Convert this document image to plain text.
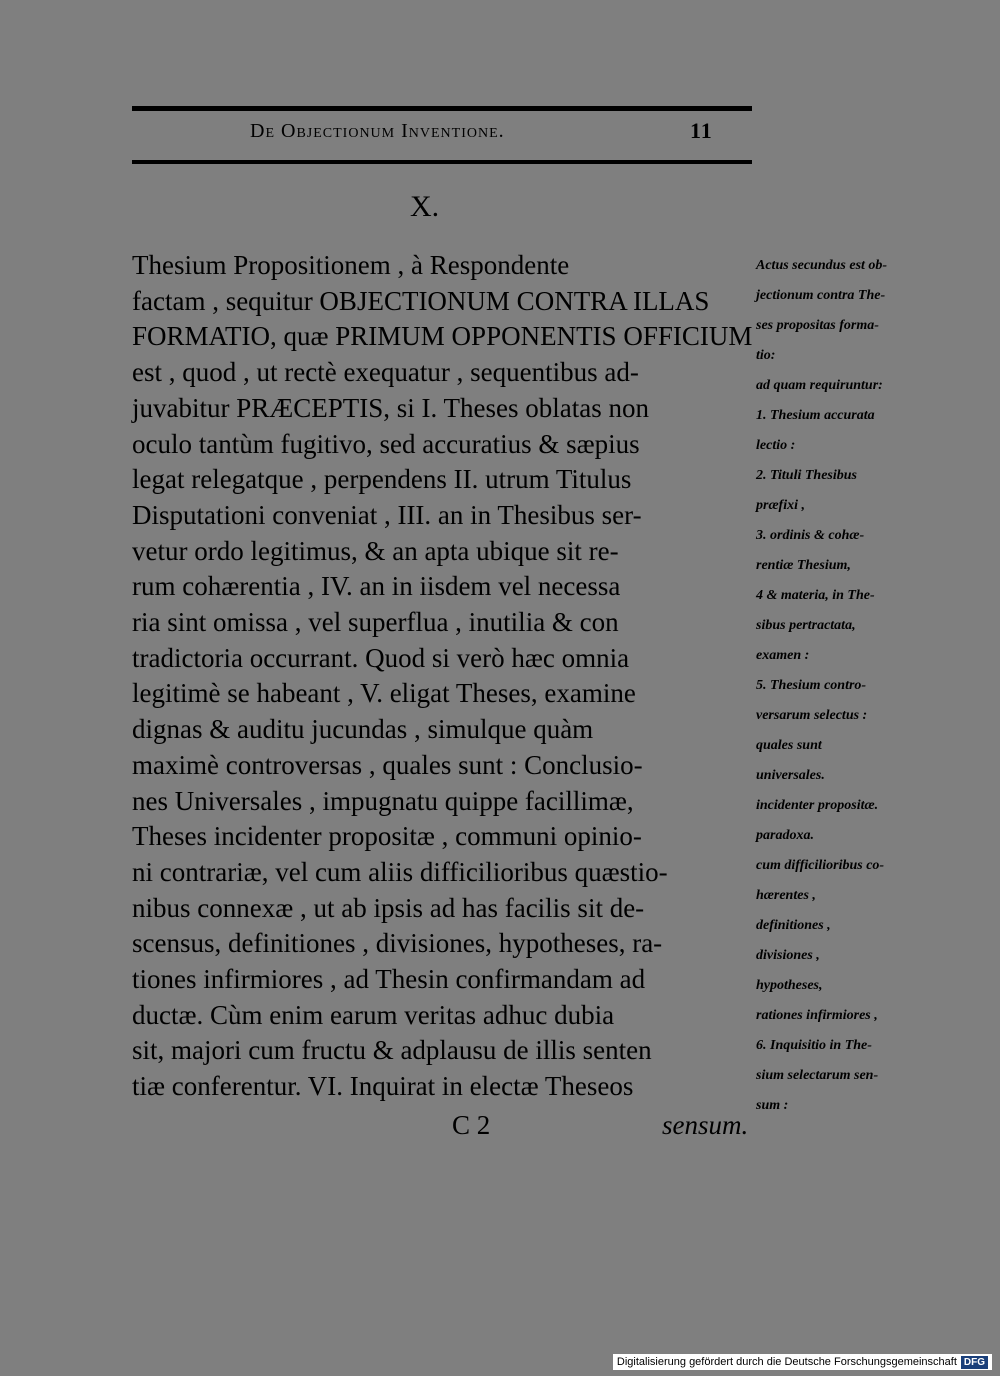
De Objectionum Inventione.	11
X.
Thesium Propositionem , à Respondente
factam , sequitur OBJECTIONUM CONTRA ILLAS
FORMATIO, quæ PRIMUM OPPONENTIS OFFICIUM
est , quod , ut rectè exequatur , sequentibus ad-
juvabitur PRÆCEPTIS, si I. Theses oblatas non
oculo tantùm fugitivo, sed accuratius & sæpius
legat relegatque , perpendens II. utrum Titulus
Disputationi conveniat , III. an in Thesibus ser-
vetur ordo legitimus, & an apta ubique sit re-
rum cohærentia , IV. an in iisdem vel necessa
ria sint omissa , vel superflua , inutilia & con
tradictoria occurrant. Quod si verò hæc omnia
legitimè se habeant , V. eligat Theses, examine
dignas & auditu jucundas , simulque quàm
maximè controversas , quales sunt : Conclusio-
nes Universales , impugnatu quippe facillimæ,
Theses incidenter propositæ , communi opinio-
ni contrariæ, vel cum aliis difficilioribus quæstio-
nibus connexæ , ut ab ipsis ad has facilis sit de-
scensus, definitiones , divisiones, hypotheses, ra-
tiones infirmiores , ad Thesin confirmandam ad
ductæ. Cùm enim earum veritas adhuc dubia
sit, majori cum fructu & adplausu de illis senten
tiæ conferentur. VI. Inquirat in electæ Theseos
Actus secundus est ob-
jectionum contra The-
ses propositas forma-
tio:
ad quam requiruntur:
1. Thesium accurata
lectio :
2. Tituli Thesibus
præfixi ,
3. ordinis & cohæ-
rentiæ Thesium,
4 & materia, in The-
sibus pertractata,
examen :
5. Thesium contro-
versarum selectus :
quales sunt
universales.
incidenter propositæ.
paradoxa.
cum difficilioribus co-
hærentes ,
definitiones ,
divisiones ,
hypotheses,
rationes infirmiores ,
6. Inquisitio in The-
sium selectarum sen-
sum :
C 2	sensum.
Digitalisierung gefördert durch die Deutsche Forschungsgemeinschaft DFG
